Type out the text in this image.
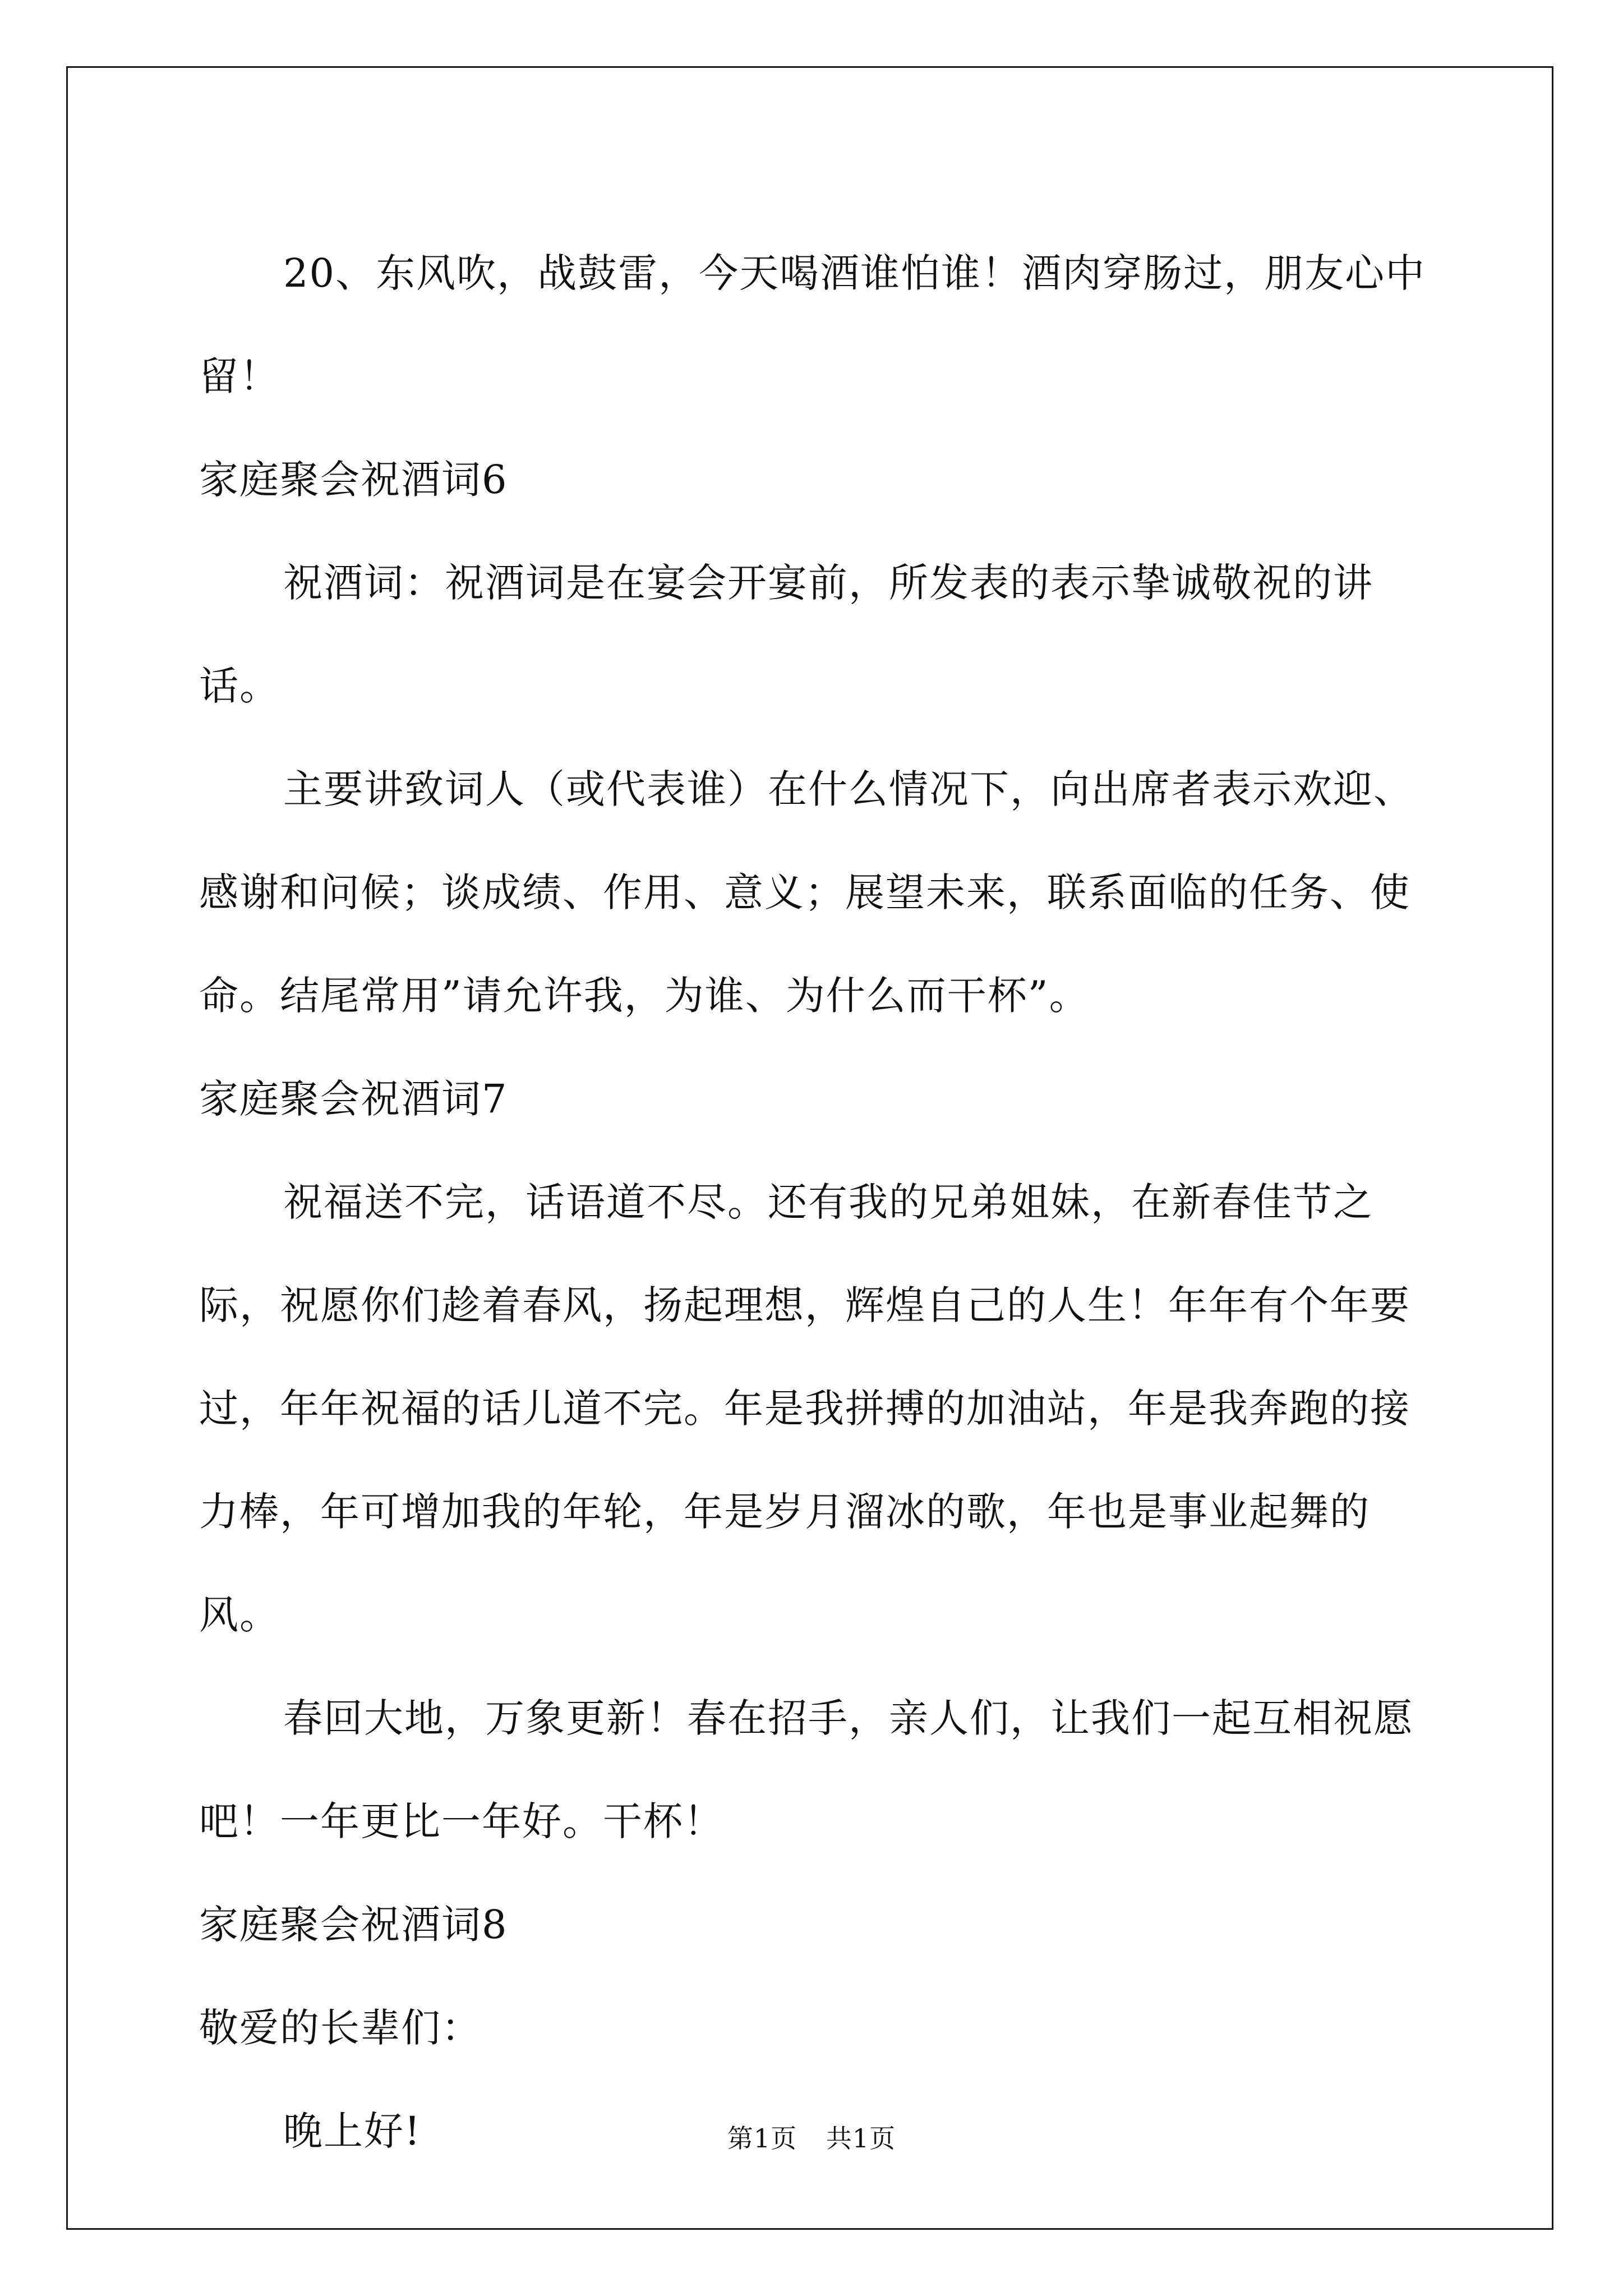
20、东风吹，战鼓雷，今天喝酒谁怕谁！酒肉穿肠过，朋友心中留！

家庭聚会祝酒词6

祝酒词：祝酒词是在宴会开宴前，所发表的表示挚诚敬祝的讲话。

主要讲致词人（或代表谁）在什么情况下，向出席者表示欢迎、感谢和问候；谈成绩、作用、意义；展望未来，联系面临的任务、使命。结尾常用”请允许我，为谁、为什么而干杯”。

家庭聚会祝酒词7

祝福送不完，话语道不尽。还有我的兄弟姐妹，在新春佳节之际，祝愿你们趁着春风，扬起理想，辉煌自己的人生！年年有个年要过，年年祝福的话儿道不完。年是我拼搏的加油站，年是我奔跑的接力棒，年可增加我的年轮，年是岁月溜冰的歌，年也是事业起舞的风。

春回大地，万象更新！春在招手，亲人们，让我们一起互相祝愿吧！一年更比一年好。干杯！

家庭聚会祝酒词8

敬爱的长辈们：

晚上好!	第1页 共1页
